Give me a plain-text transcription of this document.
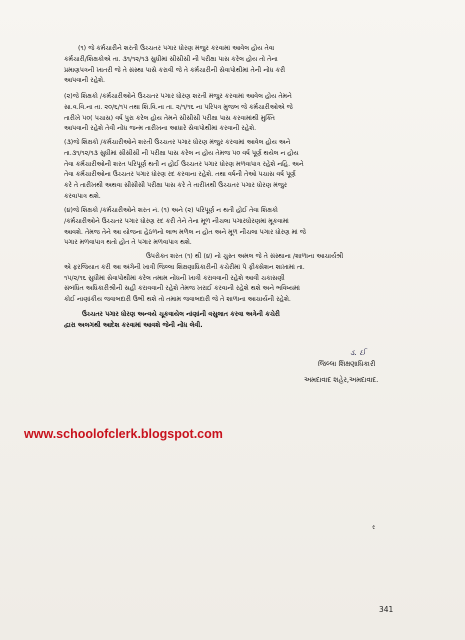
(૧) જે કર્મચારીને શરતી ઉચ્ચતર પગાર ધોરણ મંજુર કરવામાં આવેલ હોય તેવા
કર્મચારી/શિક્ષકોએ તા. ૩૧/૧૨/૧૩ સુધીમાં સીસીસી ની પરીક્ષા પાસ કરેલ હોય તો તેના
પ્રમાણપત્રની ખાતરી જે તે સંસ્થા પાસે કરાવી જે તે કર્મચારીની સેવાપોથીમાં તેની નોંધ કરી
આપવાની રહેશે.
(૨)જે શિક્ષકો /કર્મચારીઓને ઉચ્ચતર પગાર ધોરણ શરતી મંજુર કરવામાં આવેલ હોય તેમને
સા.વ.વિ.ના તા. ૨૦/૬/૧૫ તથા શિ.વિ.ના તા. ૨/૧/૧૬ ના પરિપત્ર મુજબ જે કર્મચારીઓએ જે
તારીખે ૫૦( પચાસ) વર્ષ પુરા કરેલ હોય તેમને સીસીસી પરીક્ષા પાસ કરવામાંથી મુક્તિ
આપવાની રહેશે તેવી નોંધ જન્મ તારીખના આધારે સેવાપોથીમાં કરવાની રહેશે.
(૩)જે શિક્ષકો /કર્મચારીઓને શરતી ઉચ્ચતર પગાર ધોરણ મંજુર કરવામાં આવેલ હોય અને
તા.૩૧/૧૨/૧૩ સુધીમાં સીસીસી ની પરીક્ષા પાસ કરેલ ન હોય તેમજ ૫૦ વર્ષ પૂર્ણ થયેલ ન હોય
તેવા કર્મચારીઓની શરત પરિપૂર્ણ થતી ન હોઈ ઉચ્ચતર પગાર ધોરણ મળવાપાત્ર રહેશે નહિ. અને
તેવા કર્મચારીઓના ઉચ્ચતર પગાર ધોરણ રદ કરવાના રહેશે. તથા વર્ષની તેઓ પચાસ વર્ષ પૂર્ણ
કરે તે તારીખથી અથવા સીસીસી પરીક્ષા પાસ કરે તે તારીખથી ઉચ્ચતર પગાર ધોરણ મંજુર
કરવાપાત્ર થશે.
(૪)જે શિક્ષકો /કર્મચારીઓને શરત નં. (૧) અને (૨) પરિપૂર્ણ ન થતી હોઈ તેવા શિક્ષકો
/કર્મચારીઓને ઉચ્ચતર પગાર ધોરણ રદ કરી તેને તેના મૂળ નીચલા પગારધોરણમાં મૂકવામાં
આવશે. તેમજ તેને આ યોજના હેઠળનો લાભ મળેલ ન હોત અને મૂળ નીચલા પગાર ધોરણ માં જે
પગાર મળવાપાત્ર થતો હોત તે પગાર મળવાપાત્ર થશે.
ઉપરોક્ત શરત (૧) થી (૪) નો ચુસ્ત અમલ જે તે સંસ્થાના /શાળાના આચાર્યશ્રી
એ ફરજિયાત કરી આ અંગેની ખાત્રી જિલ્લા શિક્ષણાધિકારીની કચેરીમાં પે ફીક્સેશન શાખામાં તા.
૧૫/૨/૧૬ સુધીમાં સેવાપોથીમાં કરેલ તમામ નોંધની ખાત્રી કરાવવાની રહેશે આવી ચકાસણી
સંબંધિત અધિકારીશ્રીની સહી કરાવવાની રહેશે તેમજ ખરાઈ કરવાની રહેશે થશે અને ભવિષ્યમાં
કોઈ નાણાંકીય જવાબદારી ઉભી થશે તો તમામ જવાબદારી જે તે શાળાના આચાર્યની રહેશે.
ઉચ્ચતર પગાર ધોરણ અન્વયે ચૂકવાયેલ નાંણાંની વસુલાત કરવા અત્રેની કચેરી
દ્વારા અલગથી આદેશ કરવામાં આવશે જેની નોંધ લેવી.
ડ. ઈ
જિલ્લા શિક્ષણાધિકારી
અમદાવાદ શહેર,અમદાવાદ.
www.schoolofclerk.blogspot.com
ર
341
